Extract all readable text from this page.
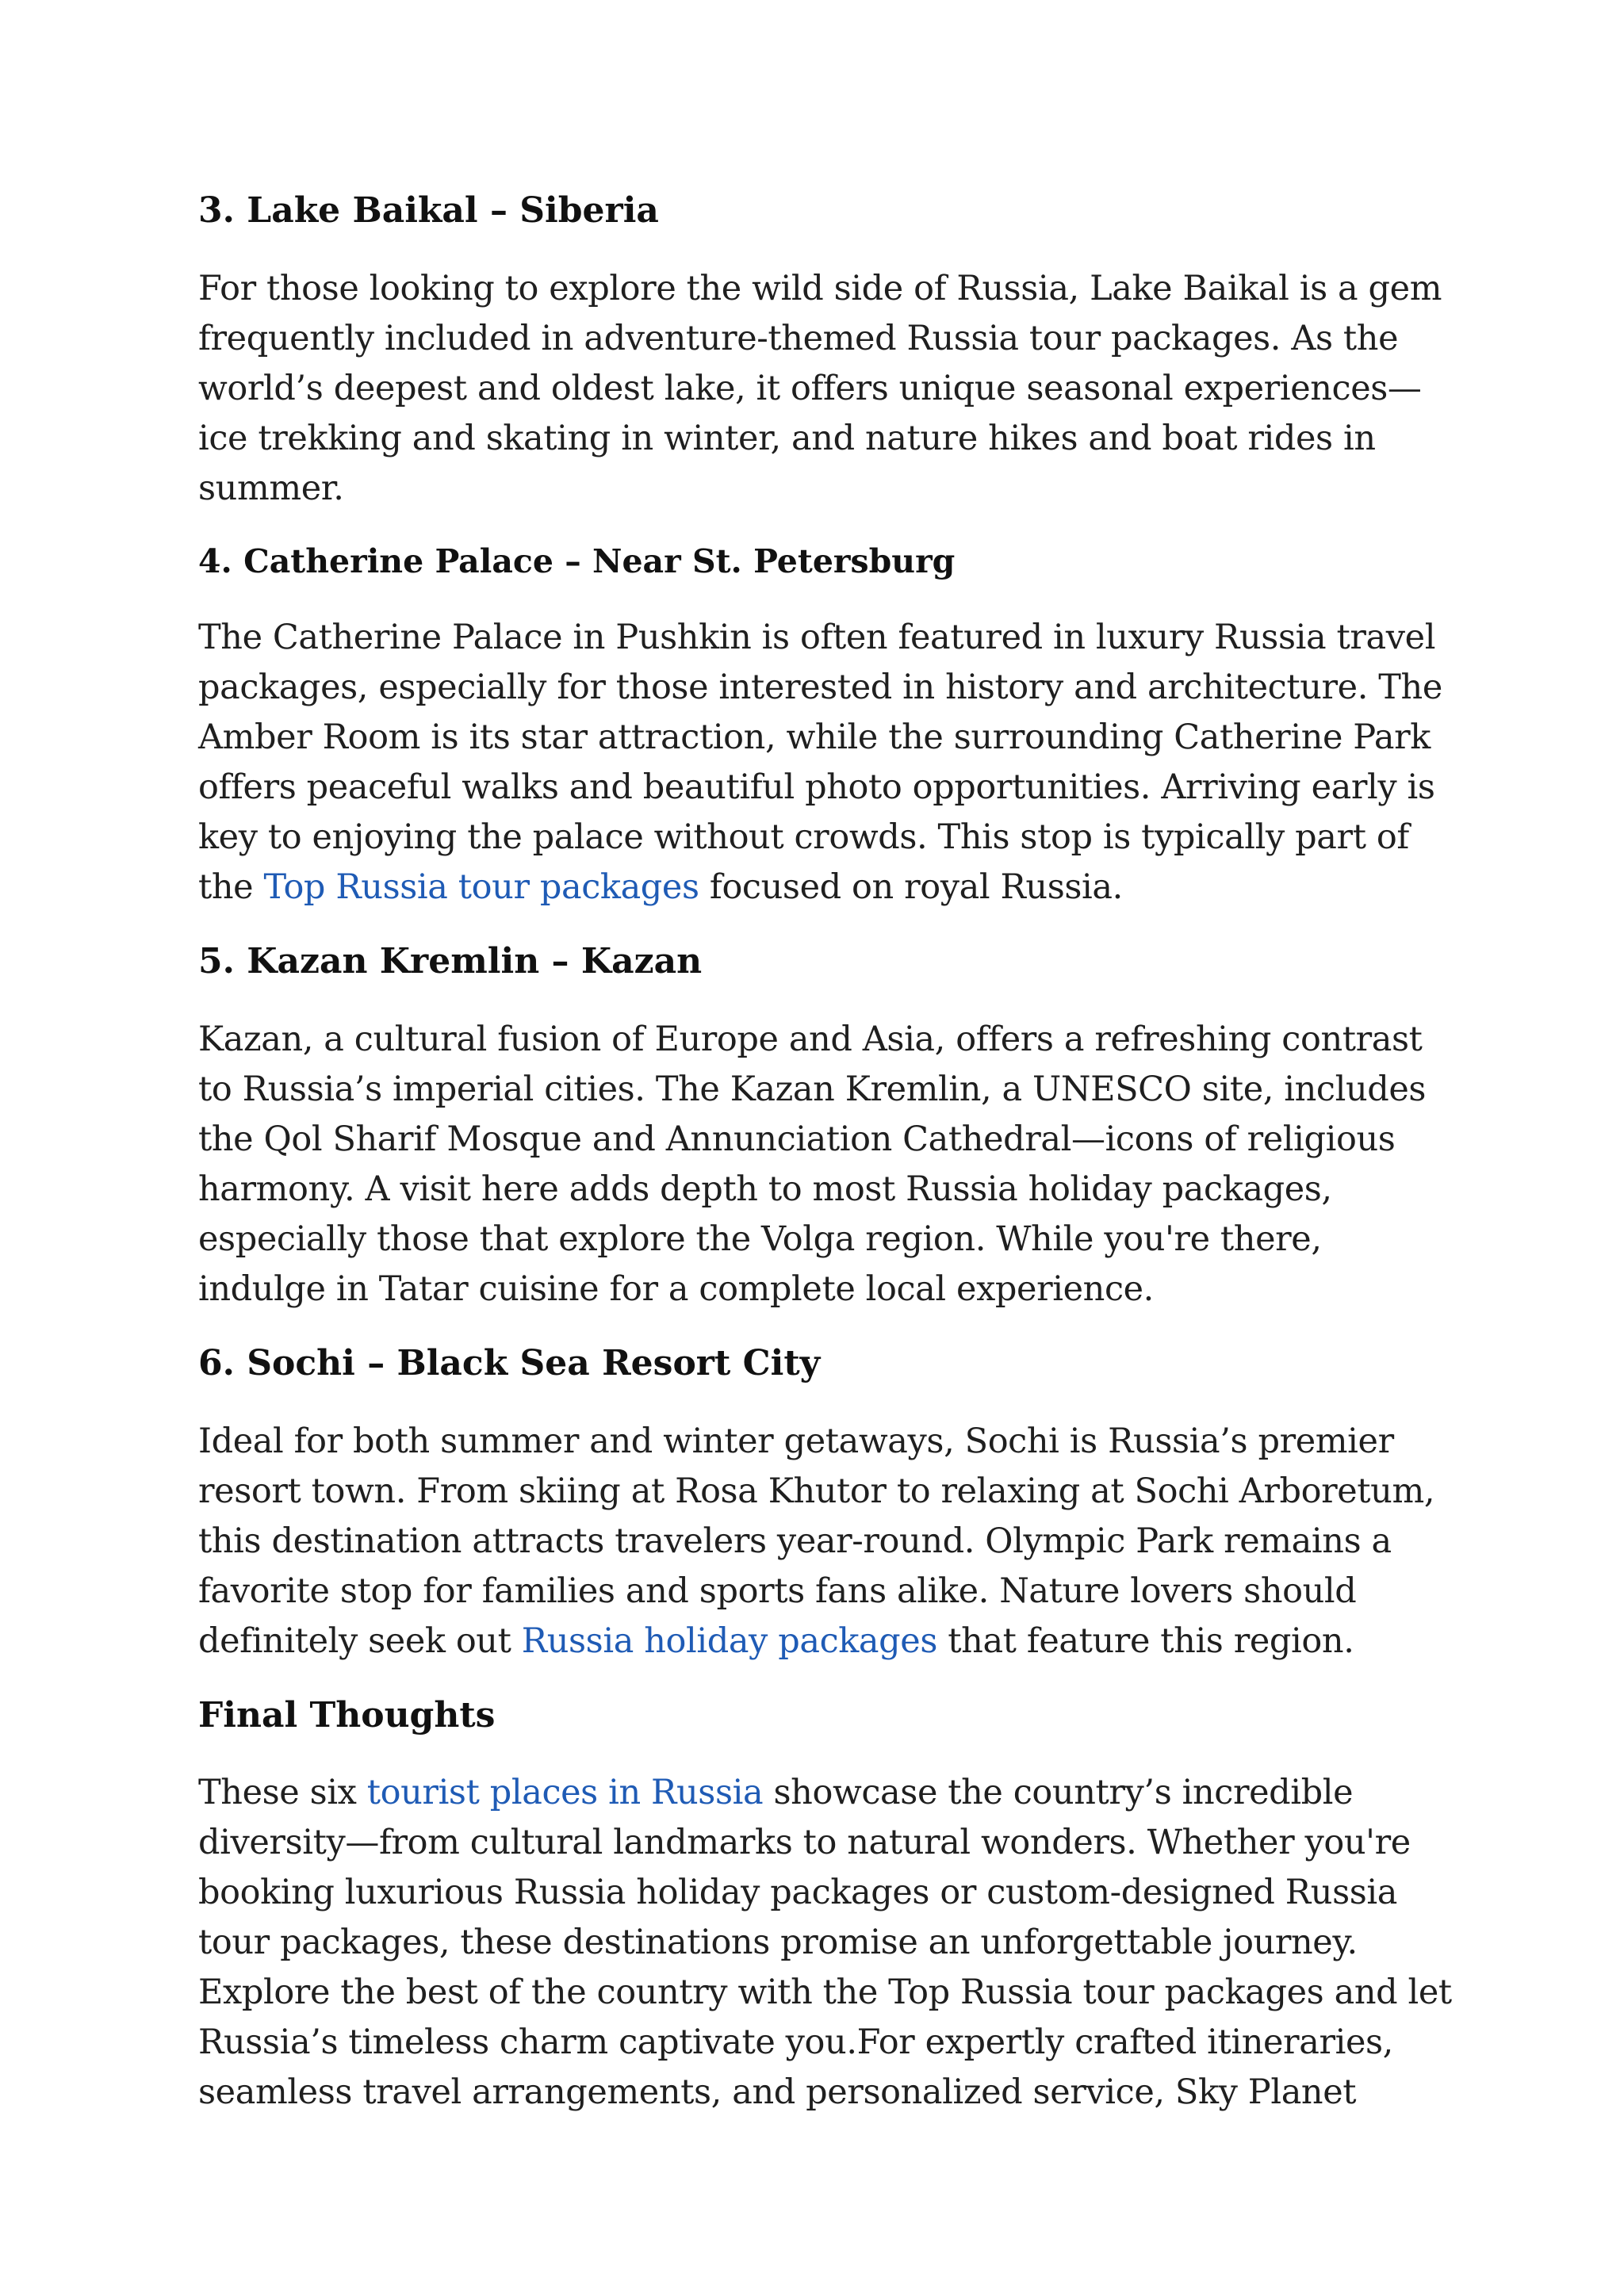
3. Lake Baikal – Siberia

For those looking to explore the wild side of Russia, Lake Baikal is a gem frequently included in adventure-themed Russia tour packages. As the world’s deepest and oldest lake, it offers unique seasonal experiences—ice trekking and skating in winter, and nature hikes and boat rides in summer.

4. Catherine Palace – Near St. Petersburg

The Catherine Palace in Pushkin is often featured in luxury Russia travel packages, especially for those interested in history and architecture. The Amber Room is its star attraction, while the surrounding Catherine Park offers peaceful walks and beautiful photo opportunities. Arriving early is key to enjoying the palace without crowds. This stop is typically part of the Top Russia tour packages focused on royal Russia.

5. Kazan Kremlin – Kazan

Kazan, a cultural fusion of Europe and Asia, offers a refreshing contrast to Russia’s imperial cities. The Kazan Kremlin, a UNESCO site, includes the Qol Sharif Mosque and Annunciation Cathedral—icons of religious harmony. A visit here adds depth to most Russia holiday packages, especially those that explore the Volga region. While you're there, indulge in Tatar cuisine for a complete local experience.

6. Sochi – Black Sea Resort City

Ideal for both summer and winter getaways, Sochi is Russia’s premier resort town. From skiing at Rosa Khutor to relaxing at Sochi Arboretum, this destination attracts travelers year-round. Olympic Park remains a favorite stop for families and sports fans alike. Nature lovers should definitely seek out Russia holiday packages that feature this region.

Final Thoughts

These six tourist places in Russia showcase the country’s incredible diversity—from cultural landmarks to natural wonders. Whether you're booking luxurious Russia holiday packages or custom-designed Russia tour packages, these destinations promise an unforgettable journey. Explore the best of the country with the Top Russia tour packages and let Russia’s timeless charm captivate you.For expertly crafted itineraries, seamless travel arrangements, and personalized service, Sky Planet
